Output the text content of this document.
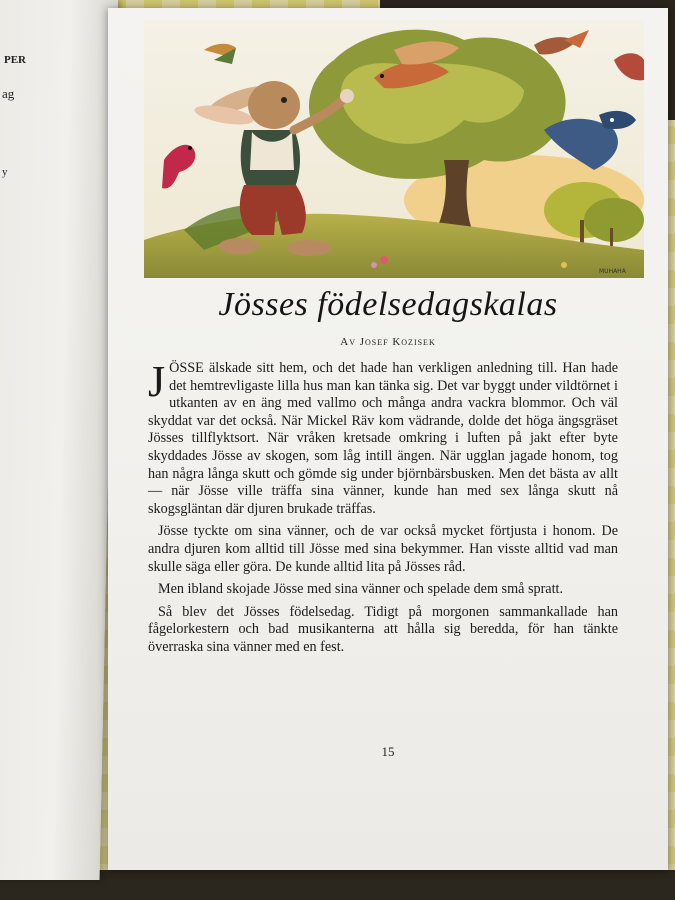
PER
ag
y
MUHAHA
Jösses födelsedagskalas
Av Josef Kozisek

JÖSSE älskade sitt hem, och det hade han verkligen anledning till. Han hade det hemtrevligaste lilla hus man kan tänka sig. Det var byggt under vildtörnet i utkanten av en äng med vallmo och många andra vackra blommor. Och väl skyddat var det också. När Mickel Räv kom vädrande, dolde det höga ängsgräset Jösses tillflyktsort. När vråken kretsade omkring i luften på jakt efter byte skyddades Jösse av skogen, som låg intill ängen. När ugglan jagade honom, tog han några långa skutt och gömde sig under björnbärsbusken. Men det bästa av allt — när Jösse ville träffa sina vänner, kunde han med sex långa skutt nå skogsgläntan där djuren brukade träffas.

Jösse tyckte om sina vänner, och de var också mycket förtjusta i honom. De andra djuren kom alltid till Jösse med sina bekymmer. Han visste alltid vad man skulle säga eller göra. De kunde alltid lita på Jösses råd.

Men ibland skojade Jösse med sina vänner och spelade dem små spratt.

Så blev det Jösses födelsedag. Tidigt på morgonen sammankallade han fågelorkestern och bad musikanterna att hålla sig beredda, för han tänkte överraska sina vänner med en fest.

15
